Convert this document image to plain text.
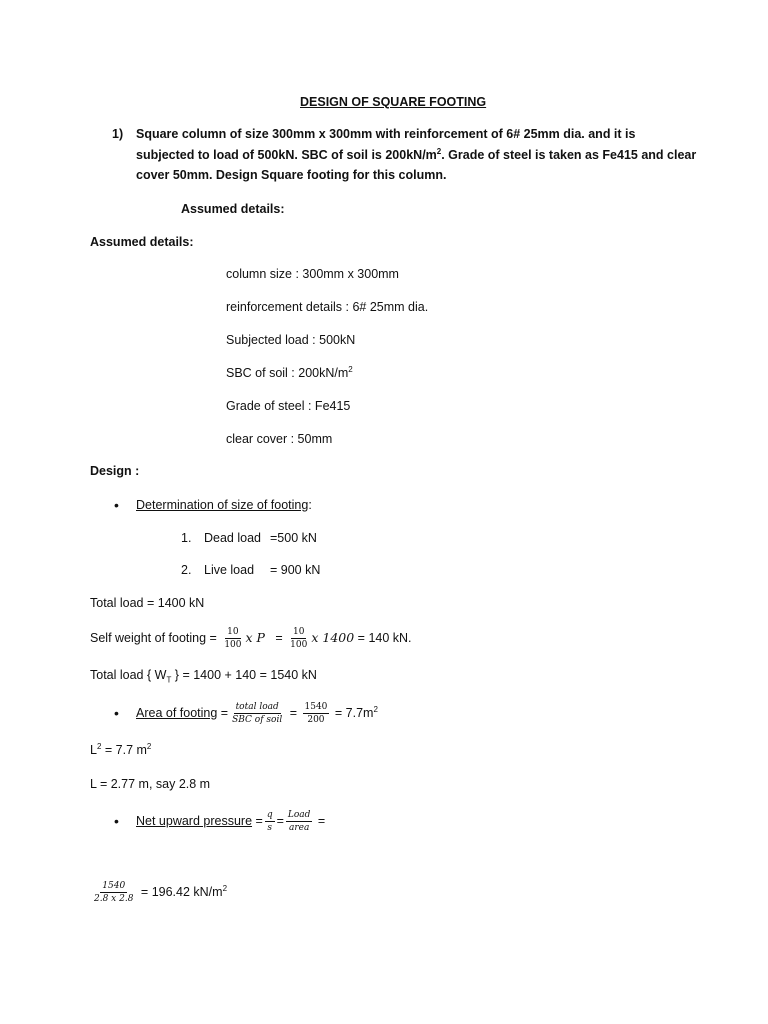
DESIGN OF SQUARE FOOTING
1) Square column of size 300mm x 300mm with reinforcement of 6# 25mm dia. and it is
subjected to load of 500kN. SBC of soil is $200kN/m^2$. Grade of steel is taken as Fe415 and clear
cover 50mm. Design Square footing for this column.
Assumed details:
Assumed details:
column size : 300mm x 300mm
reinforcement details : 6# 25mm dia.
Subjected load : 500kN
SBC of soil : $200kN/m^2$
Grade of steel : Fe415
clear cover : 50mm
Design :
• Determination of size of footing:
1. Dead load =500 kN
2. Live load = 900 kN
Total load = 1400 kN
Self weight of footing = $\frac{10}{100}$ x $P = \frac{10}{100}$ x 1400 = 140 kN.
Total load { $W_T$ } = 1400 + 140 = 1540 kN
• Area of footing = $\frac{\text{total load}}{\text{SBC of soil}} = \frac{1540}{200} = 7.7m^2$
$L^2 = 7.7$ $m^2$
L = 2.77 m, say 2.8 m
• Net upward pressure = $\frac{q}{s} = \frac{\text{Load}}{\text{area}}$ =
$\frac{1540}{2.8 x 2.8} = 196.42$ $kN/m^2$
